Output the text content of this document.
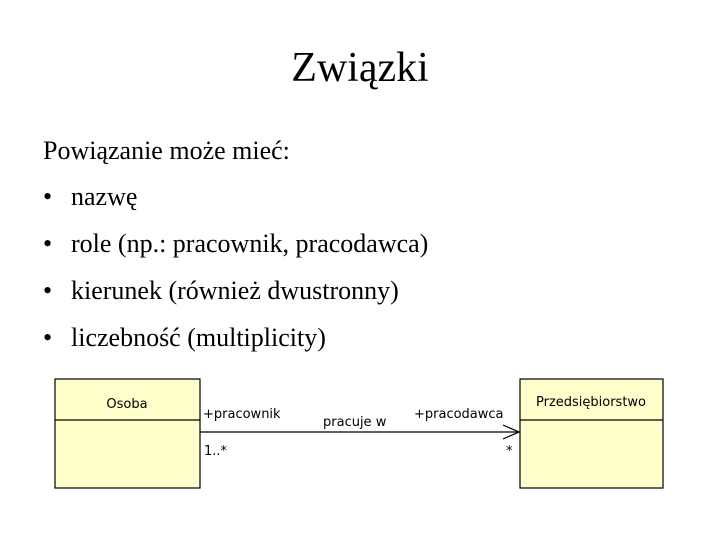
Związki
Powiązanie może mieć:
• nazwę
• role (np.: pracownik, pracodawca)
• kierunek (również dwustronny)
• liczebność (multiplicity)
Osoba	Przedsiębiorstwo
pracuje w
+pracownik	+pracodawca
1..*	*
